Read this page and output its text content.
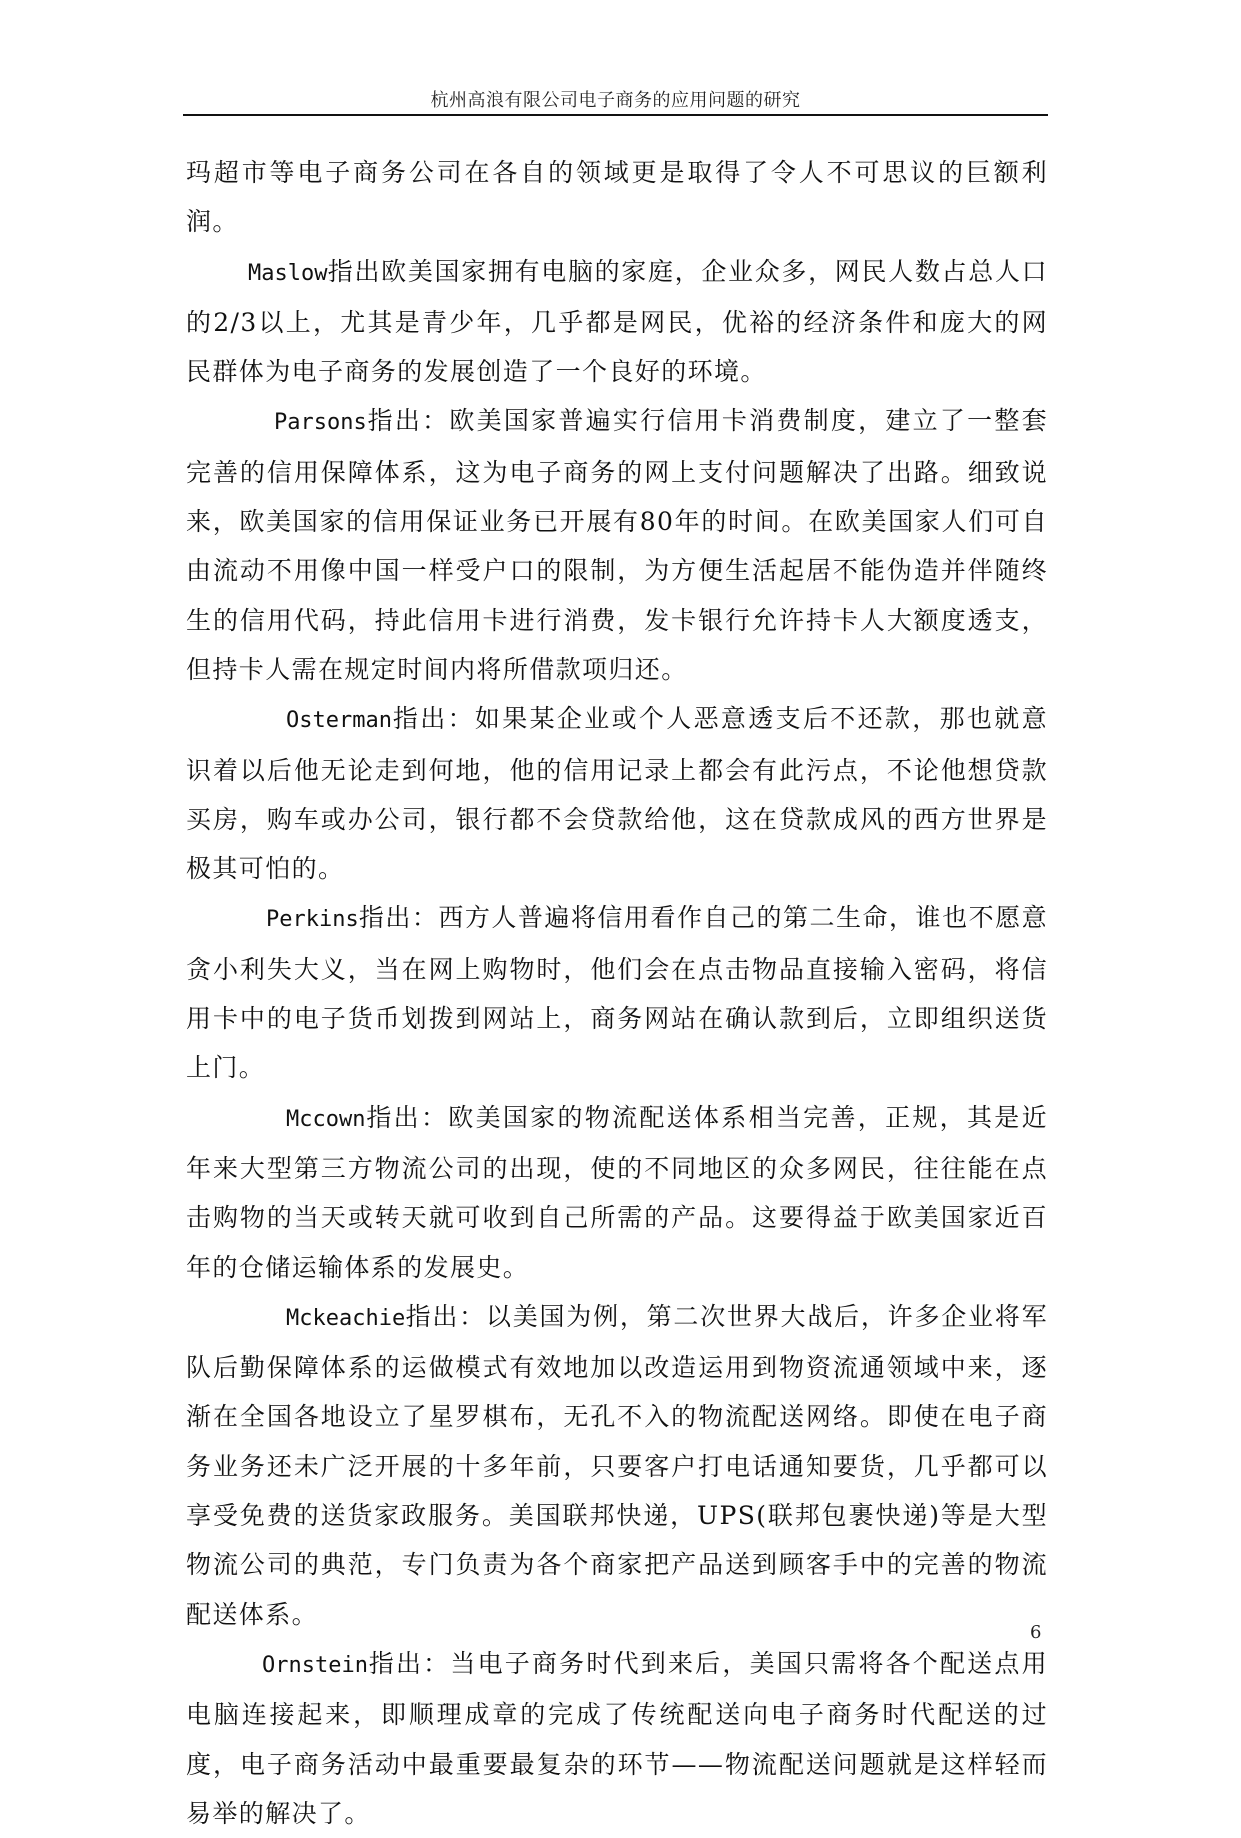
杭州高浪有限公司电子商务的应用问题的研究

玛超市等电子商务公司在各自的领域更是取得了令人不可思议的巨额利润。

Maslow指出欧美国家拥有电脑的家庭，企业众多，网民人数占总人口的2/3以上，尤其是青少年，几乎都是网民，优裕的经济条件和庞大的网民群体为电子商务的发展创造了一个良好的环境。

Parsons指出：欧美国家普遍实行信用卡消费制度，建立了一整套完善的信用保障体系，这为电子商务的网上支付问题解决了出路。细致说来，欧美国家的信用保证业务已开展有80年的时间。在欧美国家人们可自由流动不用像中国一样受户口的限制，为方便生活起居不能伪造并伴随终生的信用代码，持此信用卡进行消费，发卡银行允许持卡人大额度透支，但持卡人需在规定时间内将所借款项归还。

Osterman指出：如果某企业或个人恶意透支后不还款，那也就意识着以后他无论走到何地，他的信用记录上都会有此污点，不论他想贷款买房，购车或办公司，银行都不会贷款给他，这在贷款成风的西方世界是极其可怕的。

Perkins指出：西方人普遍将信用看作自己的第二生命，谁也不愿意贪小利失大义，当在网上购物时，他们会在点击物品直接输入密码，将信用卡中的电子货币划拨到网站上，商务网站在确认款到后，立即组织送货上门。

Mccown指出：欧美国家的物流配送体系相当完善，正规，其是近年来大型第三方物流公司的出现，使的不同地区的众多网民，往往能在点击购物的当天或转天就可收到自己所需的产品。这要得益于欧美国家近百年的仓储运输体系的发展史。

Mckeachie指出：以美国为例，第二次世界大战后，许多企业将军队后勤保障体系的运做模式有效地加以改造运用到物资流通领域中来，逐渐在全国各地设立了星罗棋布，无孔不入的物流配送网络。即使在电子商务业务还未广泛开展的十多年前，只要客户打电话通知要货，几乎都可以享受免费的送货家政服务。美国联邦快递，UPS(联邦包裹快递)等是大型物流公司的典范，专门负责为各个商家把产品送到顾客手中的完善的物流配送体系。

Ornstein指出：当电子商务时代到来后，美国只需将各个配送点用电脑连接起来，即顺理成章的完成了传统配送向电子商务时代配送的过度，电子商务活动中最重要最复杂的环节——物流配送问题就是这样轻而易举的解决了。

6
